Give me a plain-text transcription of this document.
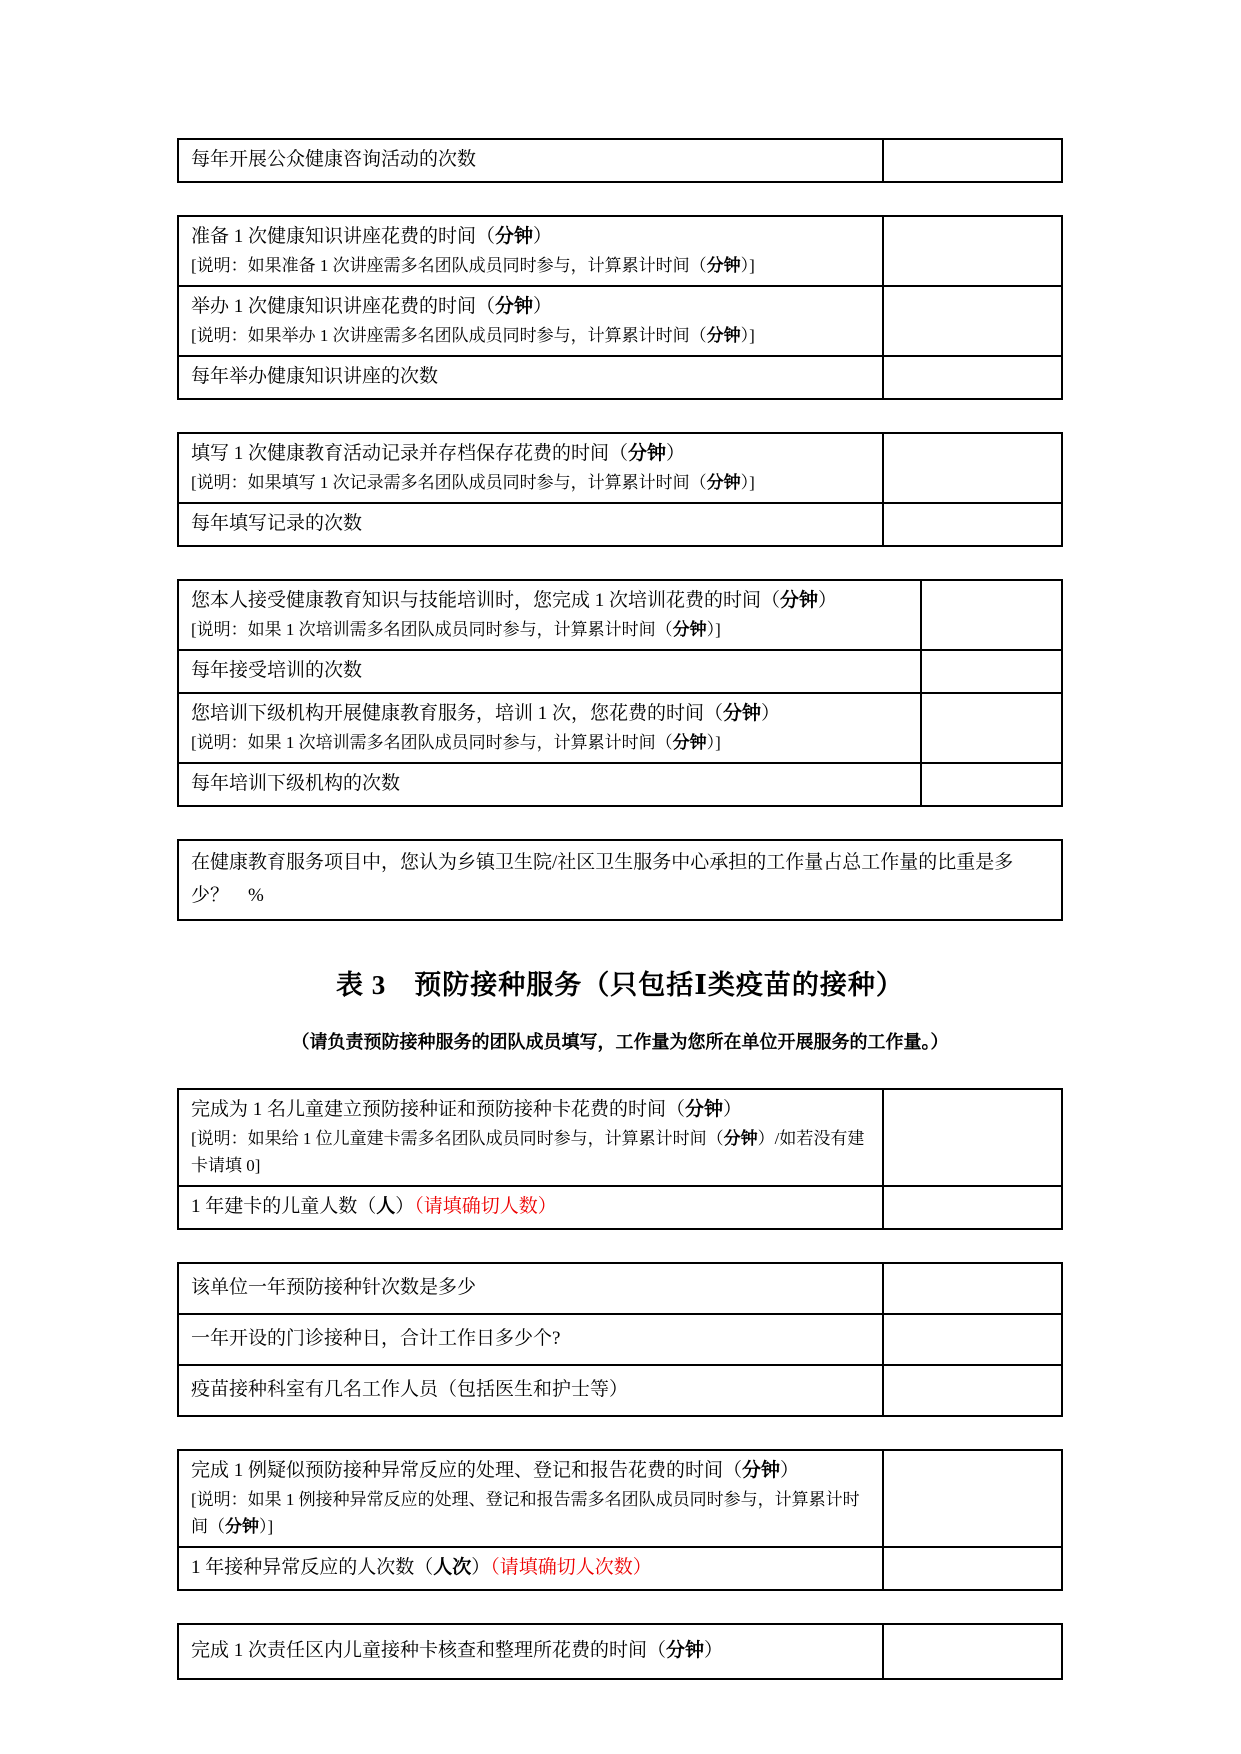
每年开展公众健康咨询活动的次数

准备 1 次健康知识讲座花费的时间（分钟）
[说明：如果准备 1 次讲座需多名团队成员同时参与，计算累计时间（分钟）]	

举办 1 次健康知识讲座花费的时间（分钟）
[说明：如果举办 1 次讲座需多名团队成员同时参与，计算累计时间（分钟）]	

每年举办健康知识讲座的次数	

填写 1 次健康教育活动记录并存档保存花费的时间（分钟）
[说明：如果填写 1 次记录需多名团队成员同时参与，计算累计时间（分钟）]	

每年填写记录的次数	

您本人接受健康教育知识与技能培训时，您完成 1 次培训花费的时间（分钟）
[说明：如果 1 次培训需多名团队成员同时参与，计算累计时间（分钟）]	

每年接受培训的次数	

您培训下级机构开展健康教育服务，培训 1 次，您花费的时间（分钟）
[说明：如果 1 次培训需多名团队成员同时参与，计算累计时间（分钟）]	

每年培训下级机构的次数	

在健康教育服务项目中，您认为乡镇卫生院/社区卫生服务中心承担的工作量占总工作量的比重是多少？　%
表 3　预防接种服务（只包括Ⅰ类疫苗的接种）
（请负责预防接种服务的团队成员填写，工作量为您所在单位开展服务的工作量。）
完成为 1 名儿童建立预防接种证和预防接种卡花费的时间（分钟）
[说明：如果给 1 位儿童建卡需多名团队成员同时参与，计算累计时间（分钟）/如若没有建卡请填 0]	

1 年建卡的儿童人数（人）（请填确切人数）	

该单位一年预防接种针次数是多少	

一年开设的门诊接种日，合计工作日多少个?	

疫苗接种科室有几名工作人员（包括医生和护士等）	

完成 1 例疑似预防接种异常反应的处理、登记和报告花费的时间（分钟）
[说明：如果 1 例接种异常反应的处理、登记和报告需多名团队成员同时参与，计算累计时间（分钟）]	

1 年接种异常反应的人次数（人次）（请填确切人次数）	

完成 1 次责任区内儿童接种卡核查和整理所花费的时间（分钟）
